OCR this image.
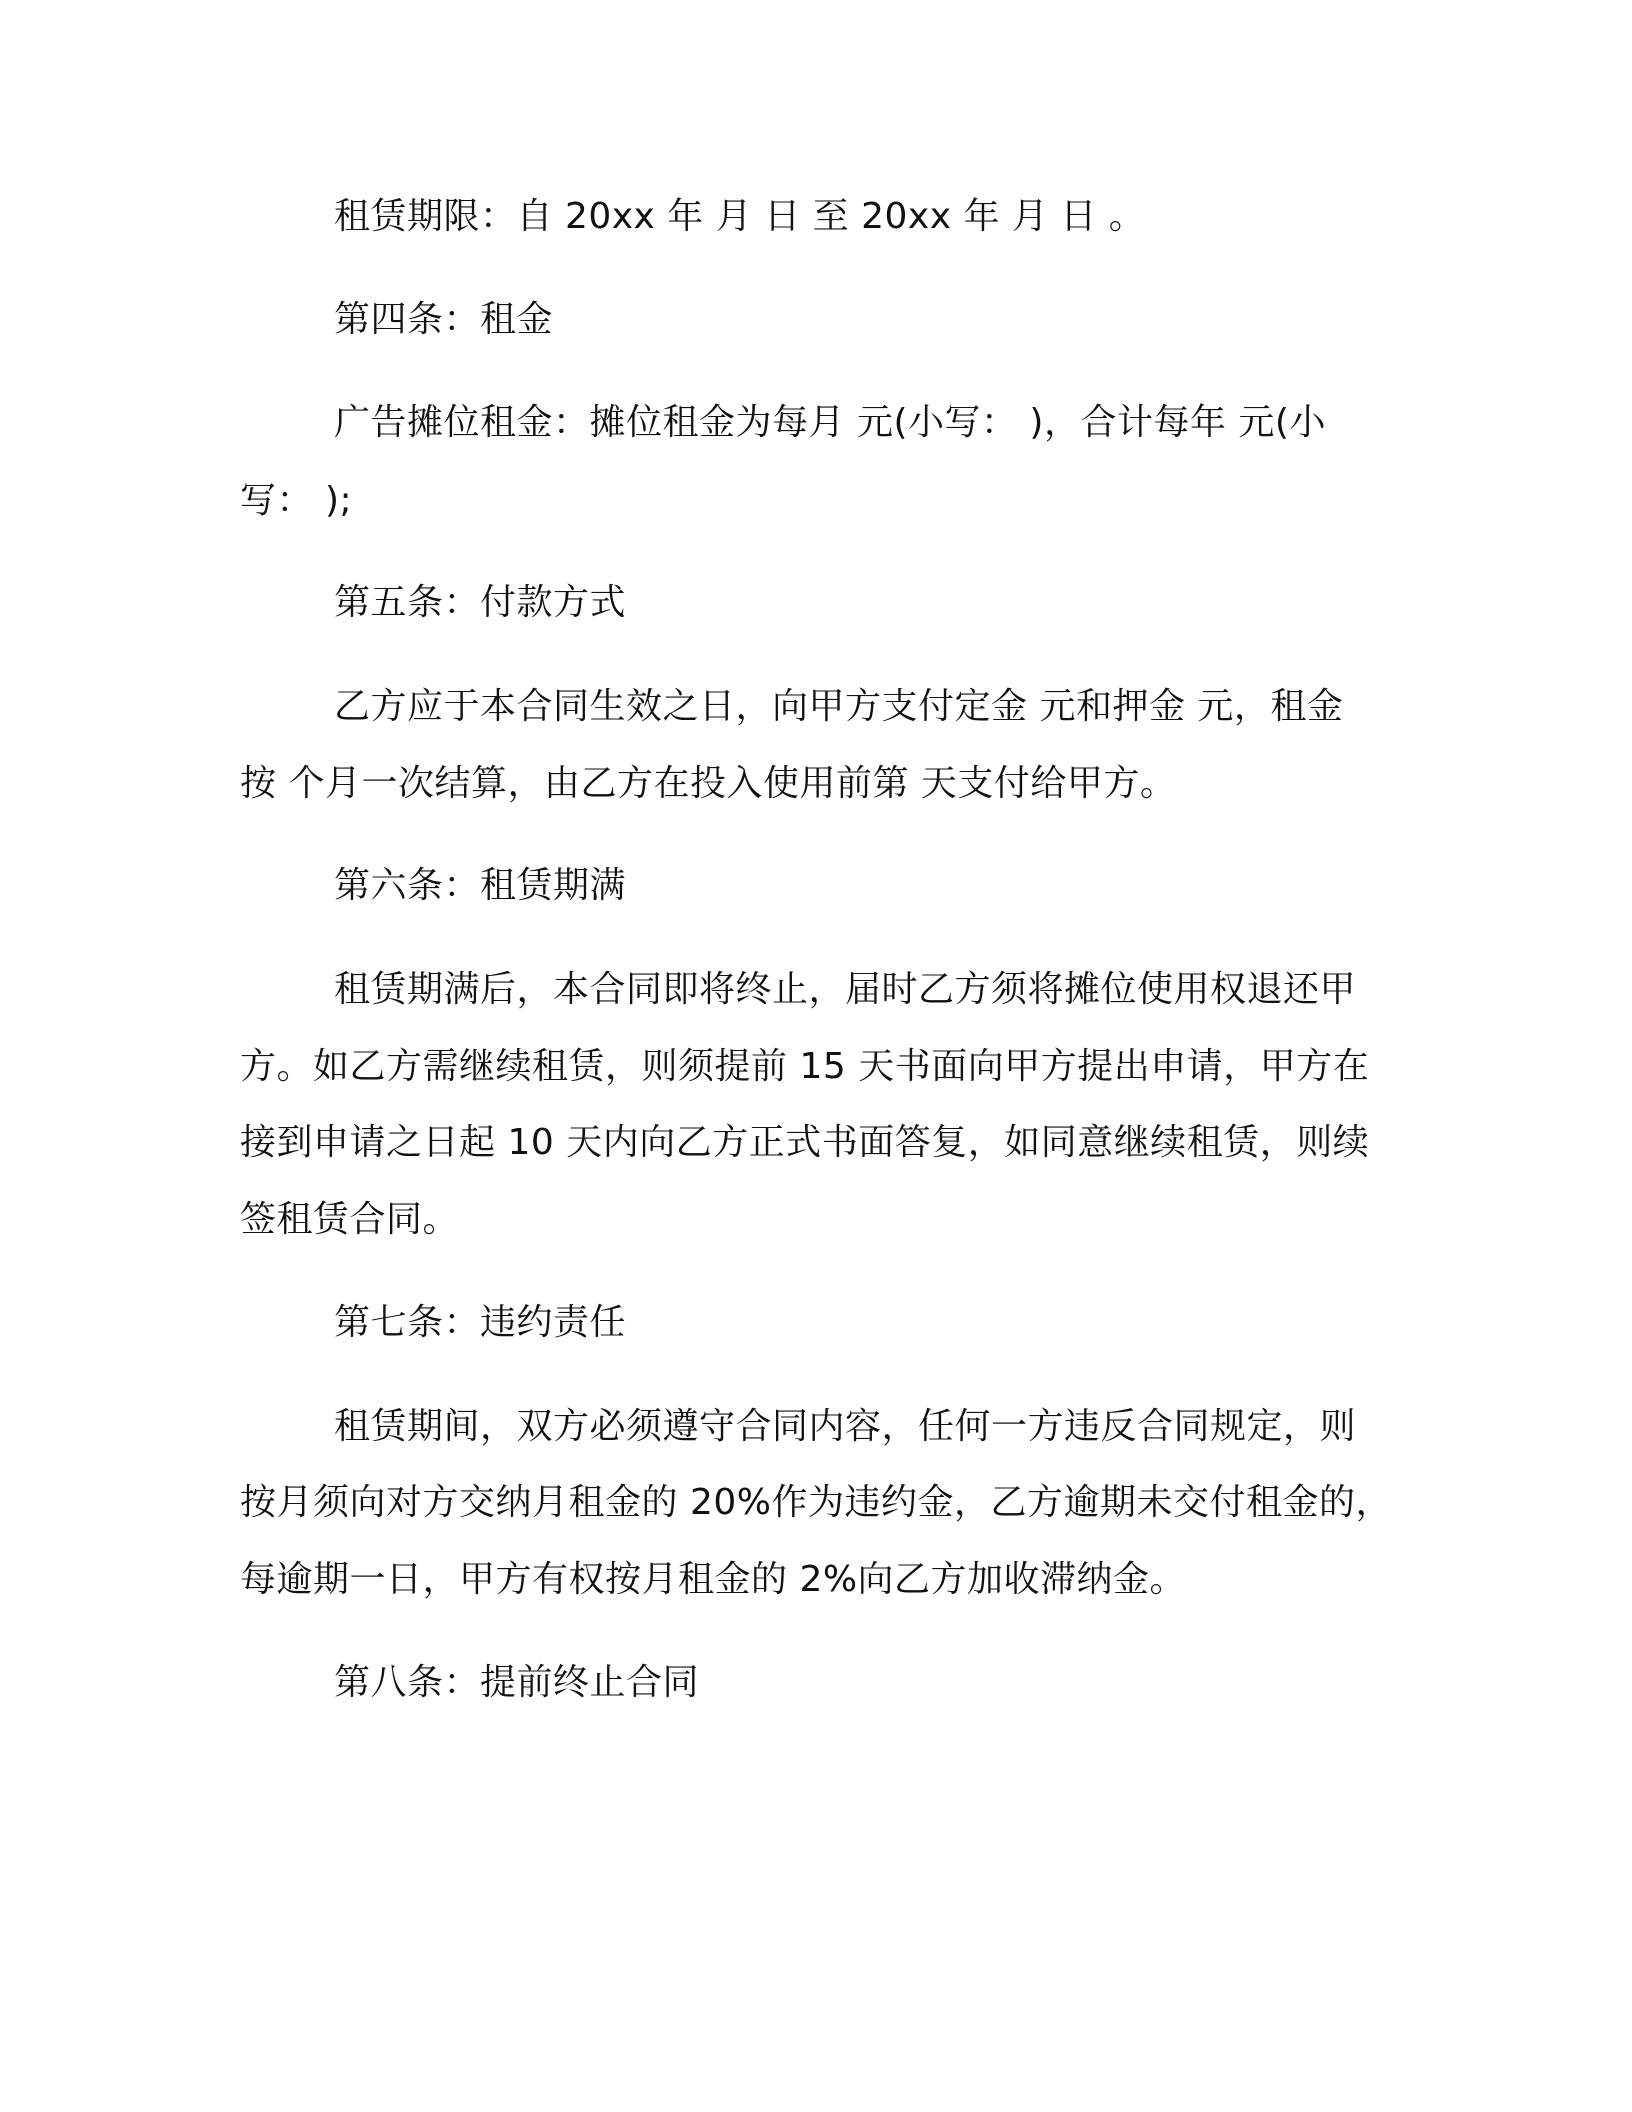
租赁期限：自 20xx 年 月 日 至 20xx 年 月 日 。
第四条：租金
广告摊位租金：摊位租金为每月 元(小写： )，合计每年 元(小
写： );
第五条：付款方式
乙方应于本合同生效之日，向甲方支付定金 元和押金 元，租金
按 个月一次结算，由乙方在投入使用前第 天支付给甲方。
第六条：租赁期满
租赁期满后，本合同即将终止，届时乙方须将摊位使用权退还甲
方。如乙方需继续租赁，则须提前 15 天书面向甲方提出申请，甲方在
接到申请之日起 10 天内向乙方正式书面答复，如同意继续租赁，则续
签租赁合同。
第七条：违约责任
租赁期间，双方必须遵守合同内容，任何一方违反合同规定，则
按月须向对方交纳月租金的 20%作为违约金，乙方逾期未交付租金的，
每逾期一日，甲方有权按月租金的 2%向乙方加收滞纳金。
第八条：提前终止合同
